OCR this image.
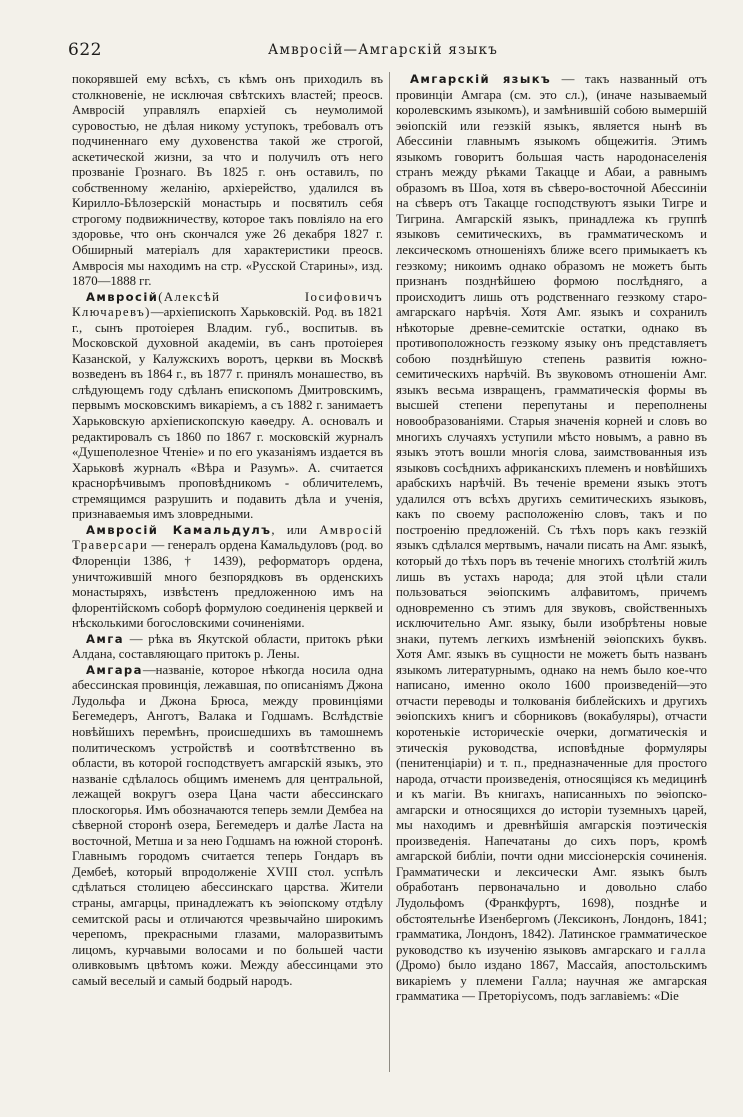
622	Амвросій—Амгарскій языкъ

покорявшей ему всѣхъ, съ кѣмъ онъ приходилъ въ столкновеніе, не исключая свѣтскихъ властей; преосв. Амвросій управлялъ епархіей съ неумолимой суровостью, не дѣлая никому уступокъ, требовалъ отъ подчиненнаго ему духовенства такой же строгой, аскетической жизни, за что и получилъ отъ него прозваніе Грознаго. Въ 1825 г. онъ оставилъ, по собственному желанію, архіерейство, удалился въ Кирилло-Бѣлозерскій монастырь и посвятилъ себя строгому подвижничеству, которое такъ повліяло на его здоровье, что онъ скончался уже 26 декабря 1827 г. Обширный матеріалъ для характеристики преосв. Амвросія мы находимъ на стр. «Русской Старины», изд. 1870—1888 гг.

Амвросій(Алексѣй Іосифовичъ Ключаревъ)—архіепископъ Харьковскій. Род. въ 1821 г., сынъ протоіерея Владим. губ., воспитыв. въ Московской духовной академіи, въ санъ протоіерея Казанской, у Калужскихъ воротъ, церкви въ Москвѣ возведенъ въ 1864 г., въ 1877 г. принялъ монашество, въ слѣдующемъ году сдѣланъ епископомъ Дмитровскимъ, первымъ московскимъ викаріемъ, а съ 1882 г. занимаетъ Харьковскую архіепископскую каѳедру. А. основалъ и редактировалъ съ 1860 по 1867 г. московскій журналъ «Душеполезное Чтеніе» и по его указаніямъ издается въ Харьковѣ журналъ «Вѣра и Разумъ». А. считается краснорѣчивымъ проповѣдникомъ - обличителемъ, стремящимся разрушить и подавить дѣла и ученія, признаваемыя имъ зловредными.

Амвросій Камальдулъ, или Амвросій Траверсари — генералъ ордена Камальдуловъ (род. во Флоренціи 1386, † 1439), реформаторъ ордена, уничтожившій много безпорядковъ въ орденскихъ монастыряхъ, извѣстенъ предложенною имъ на флорентійскомъ соборѣ формулою соединенія церквей и нѣсколькими богословскими сочиненіями.

Амга — рѣка въ Якутской области, притокъ рѣки Алдана, составляющаго притокъ р. Лены.

Амгара—названіе, которое нѣкогда носила одна абессинская провинція, лежавшая, по описаніямъ Джона Лудольфа и Джона Брюса, между провинціями Бегемедеръ, Анготъ, Валака и Годшамъ. Вслѣдствіе новѣйшихъ перемѣнъ, происшедшихъ въ тамошнемъ политическомъ устройствѣ и соотвѣтственно въ области, въ которой господствуетъ амгарскій языкъ, это названіе сдѣлалось общимъ именемъ для центральной, лежащей вокругъ озера Цана части абессинскаго плоскогорья. Имъ обозначаются теперь земли Дембеа на сѣверной сторонѣ озера, Бегемедеръ и далѣе Ласта на восточной, Метша и за нею Годшамъ на южной сторонѣ. Главнымъ городомъ считается теперь Гондаръ въ Дембеѣ, который впродолженіе XVIII стол. успѣлъ сдѣлаться столицею абессинскаго царства. Жители страны, амгарцы, принадлежатъ къ эѳіопскому отдѣлу семитской расы и отличаются чрезвычайно широкимъ черепомъ, прекрасными глазами, малоразвитымъ лицомъ, курчавыми волосами и по большей части оливковымъ цвѣтомъ кожи. Между абессинцами это самый веселый и самый бодрый народъ.

Амгарскій языкъ — такъ названный отъ провинціи Амгара (см. это сл.), (иначе называемый королевскимъ языкомъ), и замѣнившій собою вымершій эѳіопскій или геэзкій языкъ, является нынѣ въ Абессиніи главнымъ языкомъ общежитія. Этимъ языкомъ говоритъ большая часть народонаселенія странъ между рѣками Такацце и Абаи, а равнымъ образомъ въ Шоа, хотя въ сѣверо-восточной Абессиніи на сѣверъ отъ Такацце господствуютъ языки Тигре и Тигрина. Амгарскій языкъ, принадлежа къ группѣ языковъ семитическихъ, въ грамматическомъ и лексическомъ отношеніяхъ ближе всего примыкаетъ къ геэзкому; никоимъ однако образомъ не можетъ быть признанъ позднѣйшею формою послѣдняго, а происходитъ лишь отъ родственнаго геэзкому старо-амгарскаго нарѣчія. Хотя Амг. языкъ и сохранилъ нѣкоторые древне-семитскіе остатки, однако въ противоположность геэзкому языку онъ представляетъ собою позднѣйшую степень развитія южно-семитическихъ нарѣчій. Въ звуковомъ отношеніи Амг. языкъ весьма извращенъ, грамматическія формы въ высшей степени перепутаны и переполнены новообразованіями. Старыя значенія корней и словъ во многихъ случаяхъ уступили мѣсто новымъ, а равно въ языкъ этотъ вошли многія слова, заимствованныя изъ языковъ сосѣднихъ африканскихъ племенъ и новѣйшихъ арабскихъ нарѣчій. Въ теченіе времени языкъ этотъ удалился отъ всѣхъ другихъ семитическихъ языковъ, какъ по своему расположенію словъ, такъ и по построенію предложеній. Съ тѣхъ поръ какъ геэзкій языкъ сдѣлался мертвымъ, начали писать на Амг. языкѣ, который до тѣхъ поръ въ теченіе многихъ столѣтій жилъ лишь въ устахъ народа; для этой цѣли стали пользоваться эѳіопскимъ алфавитомъ, причемъ одновременно съ этимъ для звуковъ, свойственныхъ исключительно Амг. языку, были изобрѣтены новые знаки, путемъ легкихъ измѣненій эѳіопскихъ буквъ. Хотя Амг. языкъ въ сущности не можетъ быть названъ языкомъ литературнымъ, однако на немъ было кое-что написано, именно около 1600 произведеній—это отчасти переводы и толкованія библейскихъ и другихъ эѳіопскихъ книгъ и сборниковъ (вокабуляры), отчасти коротенькіе историческіе очерки, догматическія и этическія руководства, исповѣдные формуляры (пенитенціаріи) и т. п., предназначенные для простого народа, отчасти произведенія, относящіяся къ медицинѣ и къ магіи. Въ книгахъ, написанныхъ по эѳіопско-амгарски и относящихся до исторіи туземныхъ царей, мы находимъ и древнѣйшія амгарскія поэтическія произведенія. Напечатаны до сихъ поръ, кромѣ амгарской библіи, почти одни миссіонерскія сочиненія. Грамматически и лексически Амг. языкъ былъ обработанъ первоначально и довольно слабо Лудольфомъ (Франкфуртъ, 1698), позднѣе и обстоятельнѣе Изенбергомъ (Лексиконъ, Лондонъ, 1841; грамматика, Лондонъ, 1842). Латинское грамматическое руководство къ изученію языковъ амгарскаго и галла (Дромо) было издано 1867, Массайя, апостольскимъ викаріемъ у племени Галла; научная же амгарская грамматика — Преторіусомъ, подъ заглавіемъ: «Die
